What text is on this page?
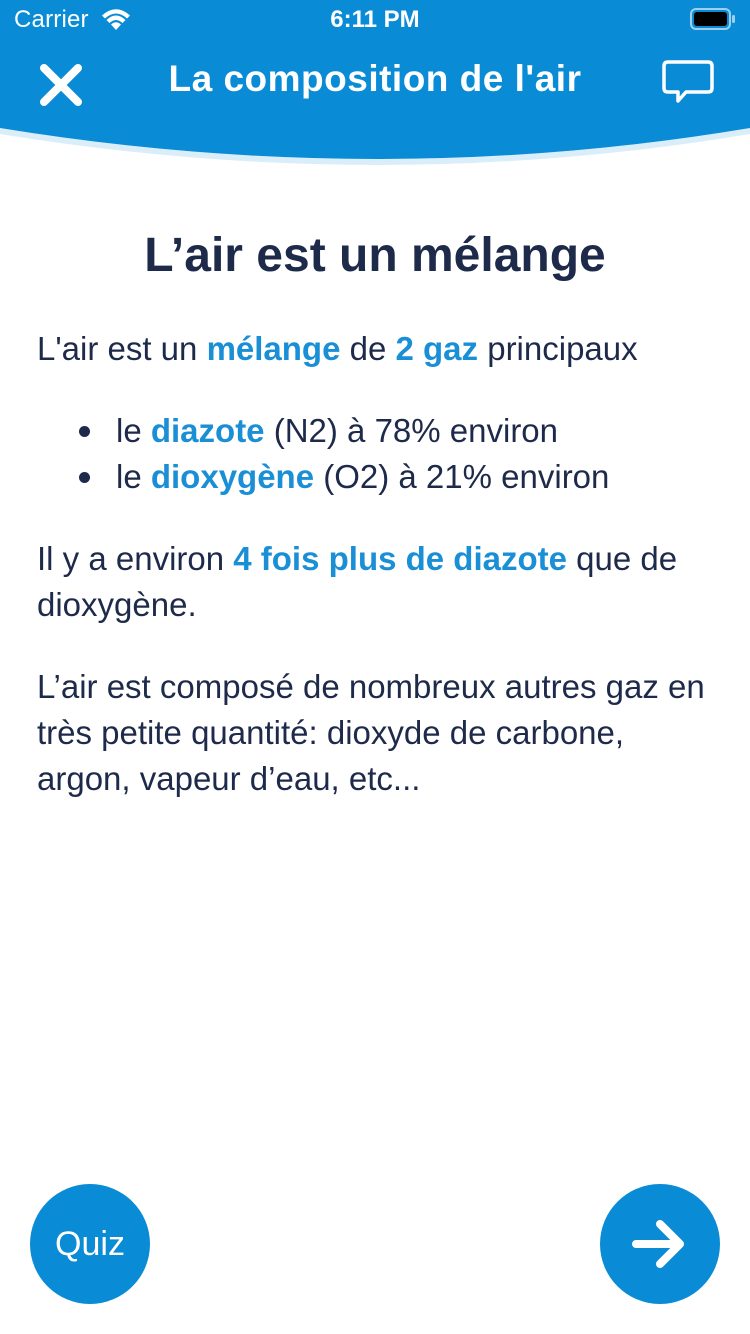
Carrier	6:11 PM
La composition de l'air
L’air est un mélange
L'air est un mélange de 2 gaz principaux
le diazote (N2) à 78% environ
le dioxygène (O2) à 21% environ
Il y a environ 4 fois plus de diazote que de dioxygène.
L’air est composé de nombreux autres gaz en très petite quantité: dioxyde de carbone, argon, vapeur d’eau, etc...
Quiz
